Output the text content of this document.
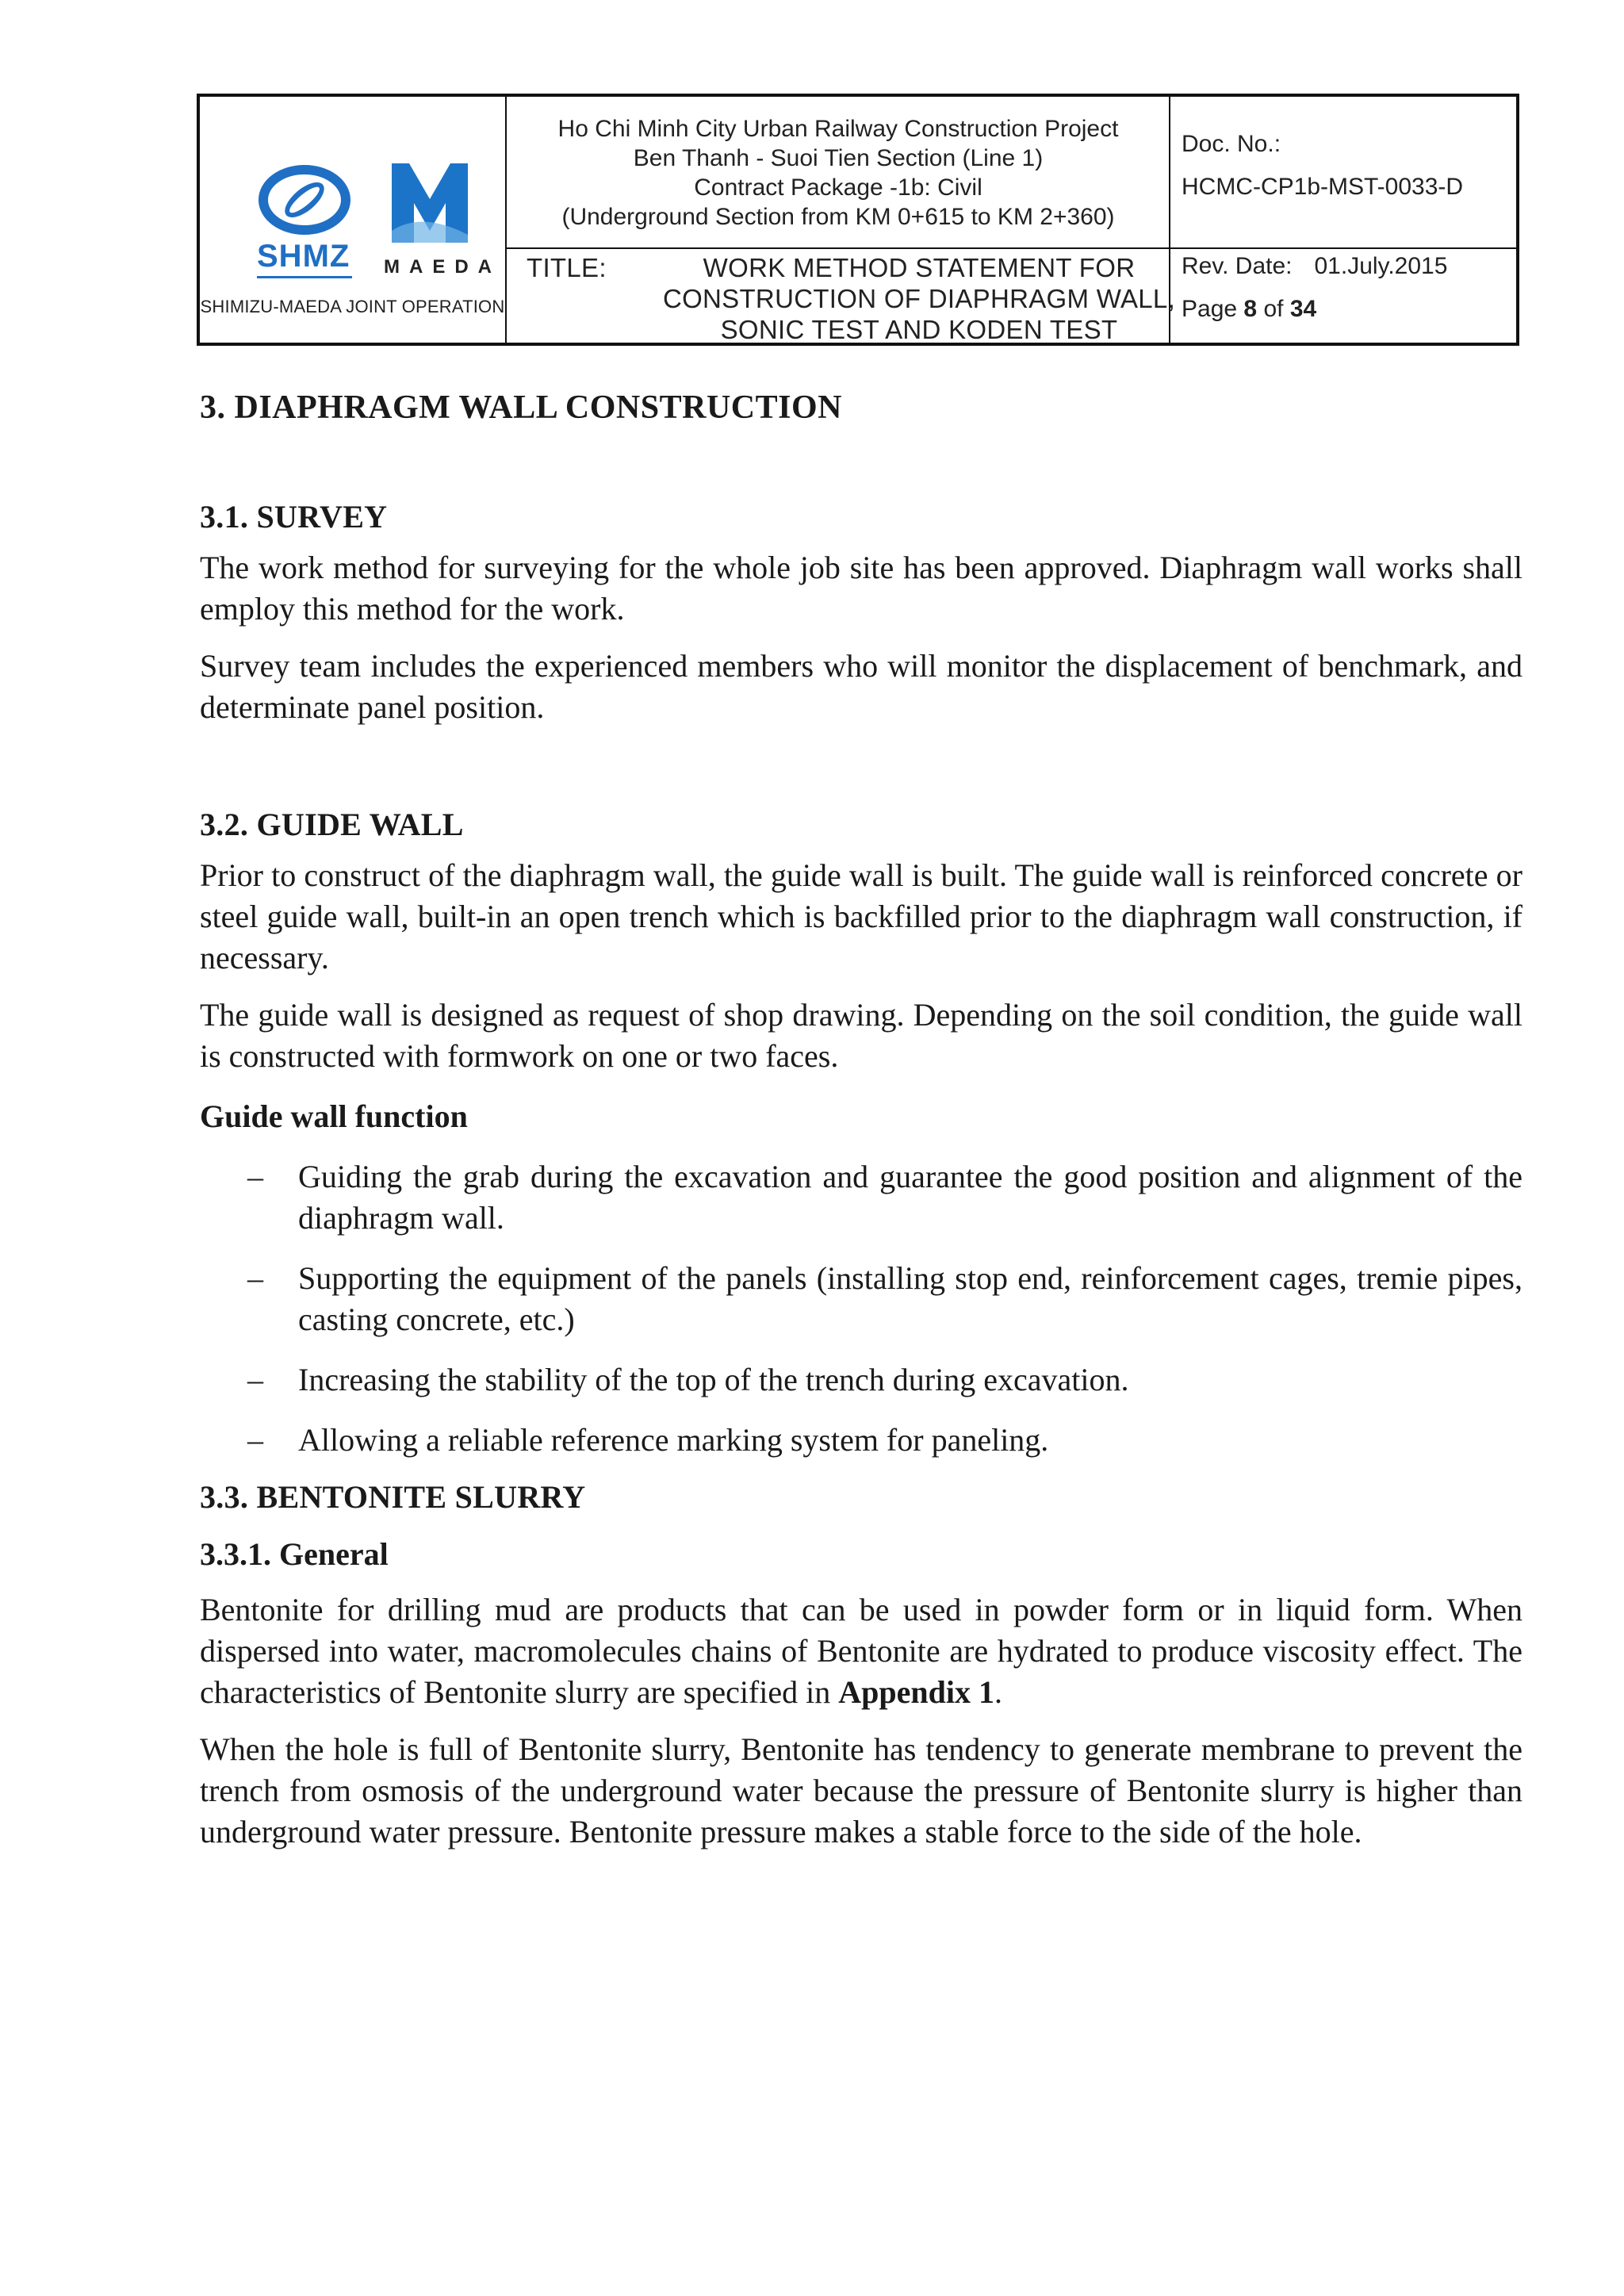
SHMZ MAEDA
SHIMIZU-MAEDA JOINT OPERATION
Ho Chi Minh City Urban Railway Construction Project
Ben Thanh - Suoi Tien Section (Line 1)
Contract Package -1b: Civil
(Underground Section from KM 0+615 to KM 2+360)
TITLE:	WORK METHOD STATEMENT FOR
CONSTRUCTION OF DIAPHRAGM WALL,
SONIC TEST AND KODEN TEST
Doc. No.:
HCMC-CP1b-MST-0033-D
Rev. Date: 01.July.2015
Page 8 of 34
3. DIAPHRAGM WALL CONSTRUCTION
3.1. SURVEY
The work method for surveying for the whole job site has been approved. Diaphragm wall works shall employ this method for the work.
Survey team includes the experienced members who will monitor the displacement of benchmark, and determinate panel position.
3.2. GUIDE WALL
Prior to construct of the diaphragm wall, the guide wall is built. The guide wall is reinforced concrete or steel guide wall, built-in an open trench which is backfilled prior to the diaphragm wall construction, if necessary.
The guide wall is designed as request of shop drawing. Depending on the soil condition, the guide wall is constructed with formwork on one or two faces.
Guide wall function
– Guiding the grab during the excavation and guarantee the good position and alignment of the diaphragm wall.
– Supporting the equipment of the panels (installing stop end, reinforcement cages, tremie pipes, casting concrete, etc.)
– Increasing the stability of the top of the trench during excavation.
– Allowing a reliable reference marking system for paneling.
3.3. BENTONITE SLURRY
3.3.1. General
Bentonite for drilling mud are products that can be used in powder form or in liquid form. When dispersed into water, macromolecules chains of Bentonite are hydrated to produce viscosity effect. The characteristics of Bentonite slurry are specified in Appendix 1.
When the hole is full of Bentonite slurry, Bentonite has tendency to generate membrane to prevent the trench from osmosis of the underground water because the pressure of Bentonite slurry is higher than underground water pressure. Bentonite pressure makes a stable force to the side of the hole.
